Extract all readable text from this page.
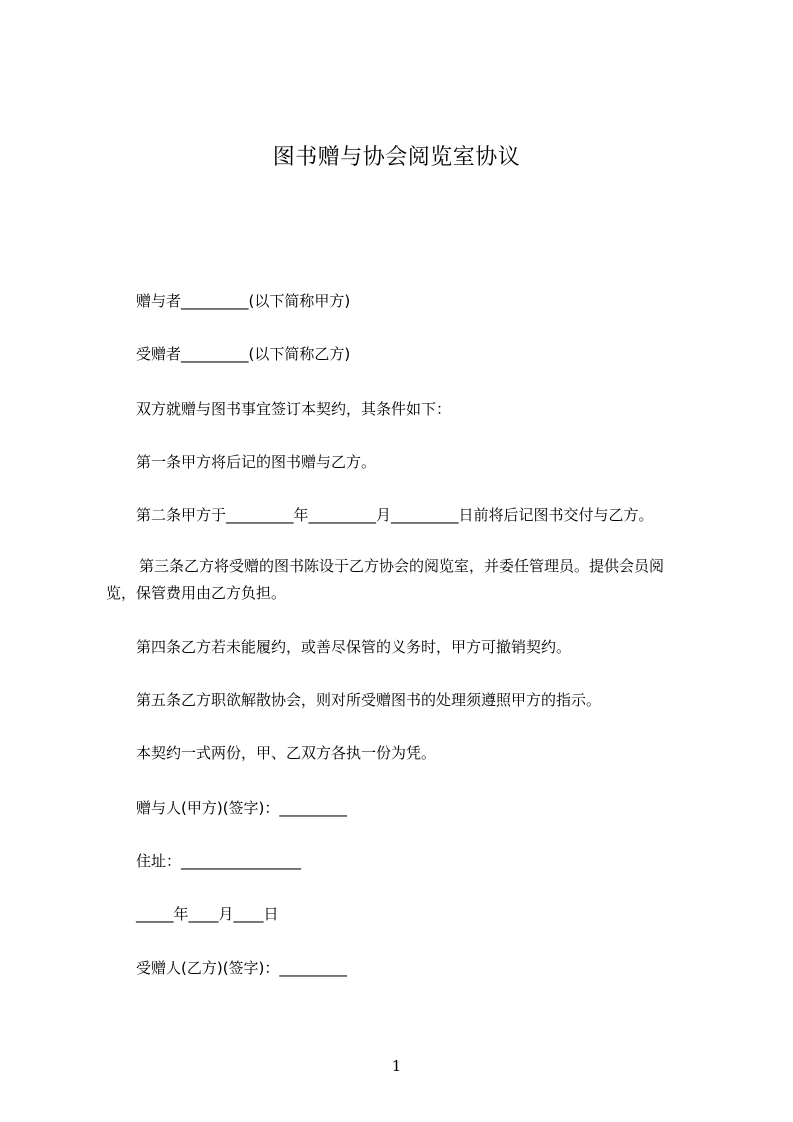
图书赠与协会阅览室协议
赠与者_________(以下简称甲方)
受赠者_________(以下简称乙方)
双方就赠与图书事宜签订本契约，其条件如下：
第一条甲方将后记的图书赠与乙方。
第二条甲方于_________年_________月_________日前将后记图书交付与乙方。
第三条乙方将受赠的图书陈设于乙方协会的阅览室，并委任管理员。提供会员阅览，保管费用由乙方负担。
第四条乙方若未能履约，或善尽保管的义务时，甲方可撤销契约。
第五条乙方职欲解散协会，则对所受赠图书的处理须遵照甲方的指示。
本契约一式两份，甲、乙双方各执一份为凭。
赠与人(甲方)(签字)：_________
住址：________________
_____年____月____日
受赠人(乙方)(签字)：_________
1
